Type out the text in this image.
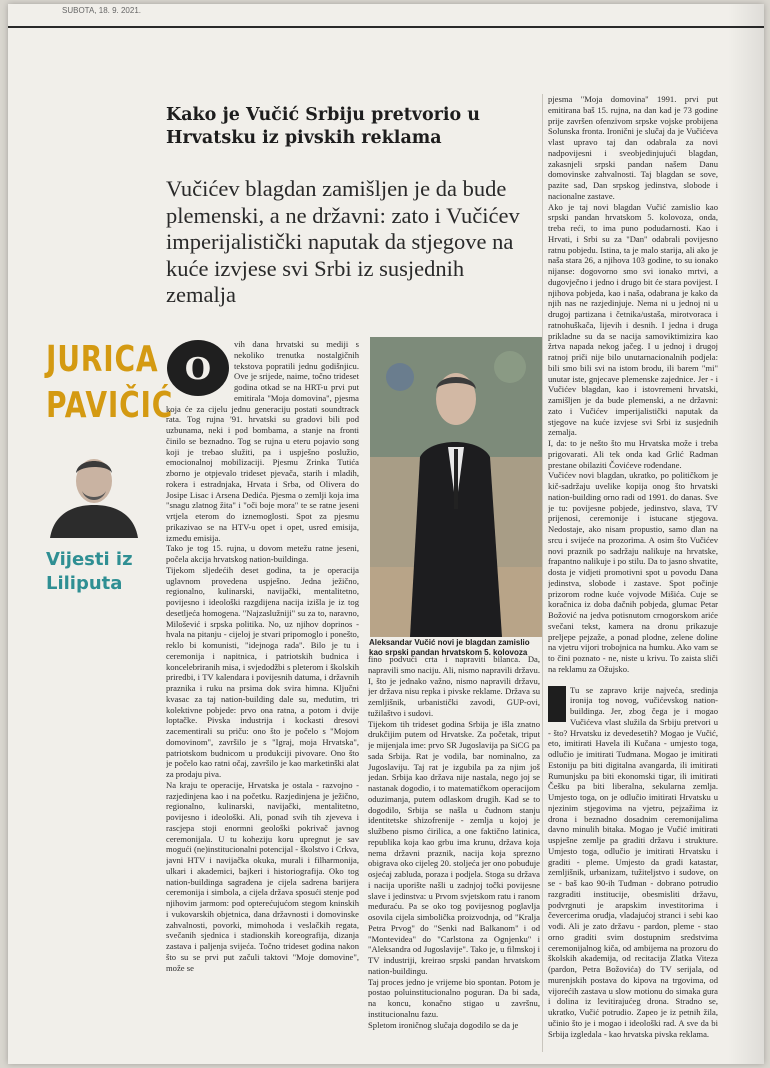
SUBOTA, 18. 9. 2021.
Kako je Vučić Srbiju pretvorio u Hrvatsku iz pivskih reklama
Vučićev blagdan zamišljen je da bude plemenski, a ne državni: zato i Vučićev imperijalistički naputak da stjegove na kuće izvjese svi Srbi iz susjednih zemalja
JURICA
PAVIČIĆ
Vijesti iz Liliputa
O

vih dana hrvatski su mediji s nekoliko trenutka nostalgičnih tekstova popratili jednu godišnjicu. Ove je srijede, naime, točno trideset godina otkad se na HRT-u prvi put emitirala "Moja domovina", pjesma koja će za cijelu jednu generaciju postati soundtrack rata. Tog rujna '91. hrvatski su gradovi bili pod uzbunama, neki i pod bombama, a stanje na fronti činilo se beznadno. Tog se rujna u eteru pojavio song koji je trebao služiti, pa i uspješno poslužio, emocionalnoj mobilizaciji. Pjesmu Zrinka Tutića zborno je otpjevalo trideset pjevača, starih i mladih, rokera i estradnjaka, Hrvata i Srba, od Olivera do Josipe Lisac i Arsena Dedića. Pjesma o zemlji koja ima "snagu zlatnog žita" i "oči boje mora" te se ratne jeseni vrtjela eterom do iznemoglosti. Spot za pjesmu prikazivao se na HTV-u opet i opet, usred emisija, između emisija.

Tako je tog 15. rujna, u dovom metežu ratne jeseni, počela akcija hrvatskog nation-buildinga.

Tijekom sljedećih deset godina, ta je operacija uglavnom provedena uspješno. Jedna ježično, regionalno, kulinarski, navijački, mentalitetno, povijesno i ideološki razgdijena nacija izišla je iz tog desetljeća homogena. "Najzaslužniji" su za to, naravno, Milošević i srpska politika. No, uz njihov doprinos - hvala na pitanju - cijeloj je stvari pripomoglo i ponešto, reklo bi komunisti, "idejnoga rada". Bilo je tu i ceremonija i napitnica, i patriotskih budnica i koncelebriranih misa, i svjedodžbi s pleterom i školskih priredbi, i TV kalendara i povijesnih datuma, i državnih praznika i ruku na prsima dok svira himna. Ključni kvasac za taj nation-building dale su, međutim, tri kolektivne pobjede: prvo ona ratna, a potom i dvije loptačke. Pivska industrija i kockasti dresovi zacementirali su priču: ono što je počelo s "Mojom domovinom", završilo je s "Igraj, moja Hrvatska", patriotskom budnicom u produkciji pivovare. Ono što je počelo kao ratni očaj, završilo je kao marketinški alat za prodaju piva.

Na kraju te operacije, Hrvatska je ostala - razvojno - razjedinjena kao i na početku. Razjedinjena je ježično, regionalno, kulinarski, navijački, mentalitetno, povijesno i ideološki. Ali, ponad svih tih zjeveva i rascjepa stoji enormni geološki pokrivač javnog ceremonijala. U tu koheziju koru upregnut je sav mogući (ne)institucionalni potencijal - školstvo i Crkva, javni HTV i navijačka okuka, murali i filharmonija, ulkari i akademici, bajkeri i historiografija. Oko tog nation-buildinga sagrađena je cijela sadrena barijera ceremonija i simbola, a cijela država sposući stenje pod njihovim jarmom: pod opterećujućom stegom kninskih i vukovarskih objetnica, dana državnosti i domovinske zahvalnosti, povorki, mimohoda i veslačkih regata, svečanih sjednica i stadionskih koreografija, dizanja zastava i paljenja svijeća. Točno trideset godina nakon što su se prvi put začuli taktovi "Moje domovine", može se

Aleksandar Vučić novi je blagdan zamislio kao srpski pandan hrvatskom 5. kolovoza

fino podvući crta i napraviti bilanca. Da, napravili smo naciju. Ali, nismo napravili državu. I, što je jednako važno, nismo napravili državu, jer država nisu repka i pivske reklame. Država su zemljišnik, urbanistički zavodi, GUP-ovi, tužilaštvo i sudovi.

Tijekom tih trideset godina Srbija je išla znatno drukčijim putem od Hrvatske. Za početak, triput je mijenjala ime: prvo SR Jugoslavija pa SiCG pa sada Srbija. Rat je vodila, bar nominalno, za Jugoslaviju. Taj rat je izgubila pa za njim još jedan. Srbija kao država nije nastala, nego joj se nastanak dogodio, i to matematičkom operacijom oduzimanja, putem odlaskom drugih. Kad se to dogodilo, Srbija se našla u čudnom stanju identitetske shizofrenije - zemlja u kojoj je službeno pismo ćirilica, a one faktično latinica, republika koja kao grbu ima krunu, država koja nema državni praznik, nacija koja sprezno obigrava oko cijeleg 20. stoljeća jer ono pobuđuje osjećaj zabluda, poraza i podjela. Stoga su država i nacija uporište našli u zadnjoj točki povijesne slave i jedinstva: u Prvom svjetskom ratu i ranom međuraću. Pa se oko tog povijesnog poglavlja osovila cijela simbolička proizvodnja, od "Kralja Petra Prvog" do "Senki nad Balkanom" i od "Montevidea" do "Carlstona za Ognjenku" i "Aleksandra od Jugoslavije". Tako je, u filmskoj i TV industriji, kreirao srpski pandan hrvatskom nation-buildingu.

Taj proces jedno je vrijeme bio spontan. Potom je postao poluinstitucionalno poguran. Da bi sada, na koncu, konačno stigao u završnu, institucionalnu fazu.

Spletom ironičnog slučaja dogodilo se da je

pjesma "Moja domovina" 1991. prvi put emitirana baš 15. rujna, na dan kad je 73 godine prije završen ofenzivom srpske vojske probijena Solunska fronta. Ironični je slučaj da je Vučićeva vlast upravo taj dan odabrala za novi nadpovijesni i sveobjedinjujući blagdan, zakasnjeli srpski pandan našem Danu domovinske zahvalnosti. Taj blagdan se sove, pazite sad, Dan srpskog jedinstva, slobode i nacionalne zastave.

Ako je taj novi blagdan Vučić zamislio kao srpski pandan hrvatskom 5. kolovoza, onda, treba reći, to ima puno podudarnosti. Kao i Hrvati, i Srbi su za "Dan" odabrali povijesno ratnu pobjedu. Istina, ta je malo starija, ali ako je naša stara 26, a njihova 103 godine, to su ionako nijanse: dogovorno smo svi ionako mrtvi, a dugovječno i jedno i drugo bit će stara povijest. I njihova pobjeda, kao i naša, odabrana je kako da njih nas ne razjedinjuje. Nema ni u jednoj ni u drugoj partizana i četnika/ustaša, mirotvoraca i ratnohuškača, lijevih i desnih. I jedna i druga prikladne su da se nacija samoviktimizira kao žrtva napada nekog jačeg. I u jednoj i drugoj ratnoj priči nije bilo unutarnacionalnih podjela: bili smo bili svi na istom brodu, ili barem "mi" unutar iste, gnjecave plemenske zajednice. Jer - i Vučićev blagdan, kao i istovremeni hrvatski, zamišljen je da bude plemenski, a ne državni: zato i Vučićev imperijalistički naputak da stjegove na kuće izvjese svi Srbi iz susjednih zemalja.

I, da: to je nešto što mu Hrvatska može i treba prigovarati. Ali tek onda kad Grlić Radman prestane obilaziti Čovićeve rođendane.

Vučićev novi blagdan, ukratko, po političkom je kič-sadržaju uvelike kopija onog što hrvatski nation-building orno radi od 1991. do danas. Sve je tu: povijesne pobjede, jedinstvo, slava, TV prijenosi, ceremonije i istucane stjegova. Nedostaje, ako nisam propustio, samo dlan na srcu i svijeće na prozorima. A osim što Vučićev novi praznik po sadržaju nalikuje na hrvatske, frapantno nalikuje i po stilu. Da to jasno shvatite, dosta je vidjeti promotivni spot u povodu Dana jedinstva, slobode i zastave. Spot počinje prizorom rodne kuće vojvode Mišića. Cuje se koračnica iz doba đačnih pobjeda, glumac Petar Božović na jedva potisnutom crnogorskom ariće svečani tekst, kamera na dronu prikazuje preljepe pejzaže, a ponad plodne, zelene doline na vjetru vijori trobojnica na humku. Ako vam se to čini poznato - ne, niste u krivu. To zaista sliči na reklamu za Ožujsko.

Tu se zapravo krije najveća, sredinja ironija tog novog, vučićevskog nation-buildinga. Jer, zbog čega je i mogao Vučićeva vlast služila da Srbiju pretvori u - što? Hrvatsku iz devedesetih? Mogao je Vučić, eto, imitirati Havela ili Kučana - umjesto toga, odlučio je imitirati Tuđmana. Mogao je imitirati Estoniju pa biti digitalna avangarda, ili imitirati Rumunjsku pa biti ekonomski tigar, ili imitirati Češku pa biti liberalna, sekularna zemlja. Umjesto toga, on je odlučio imitirati Hrvatsku u njezinim stjegovima na vjetru, pejzažima iz drona i beznadno dosadnim ceremonijalima davno minulih bitaka. Mogao je Vučić imitirati uspješne zemlje pa graditi državu i strukture. Umjesto toga, odlučio je imitirati Hrvatsku i graditi - pleme. Umjesto da gradi katastar, zemljišnik, urbanizam, tužiteljstvo i sudove, on se - baš kao 90-ih Tuđman - dobrano potrudio razgraditi institucije, obesmisliti državu, podvrgnuti je arapskim investitorima i čevercerima oruđja, vladajućoj stranci i sebi kao vođi. Ali je zato državu - pardon, pleme - stao orno graditi svim dostupnim sredstvima ceremonijalnog kiča, od ambijema na prozoru do školskih akademija, od recitacija Zlatka Viteza (pardon, Petra Božovića) do TV serijala, od murenjskih postava do kipova na trgovima, od vijorećih zastava u slow motionu do simaka gura i dolina iz levitirajućeg drona. Stradno se, ukratko, Vučić potrudio. Zapeo je iz petnih žila, učinio što je i mogao i ideološki rad. A sve da bi Srbija izgledala - kao hrvatska pivska reklama.
